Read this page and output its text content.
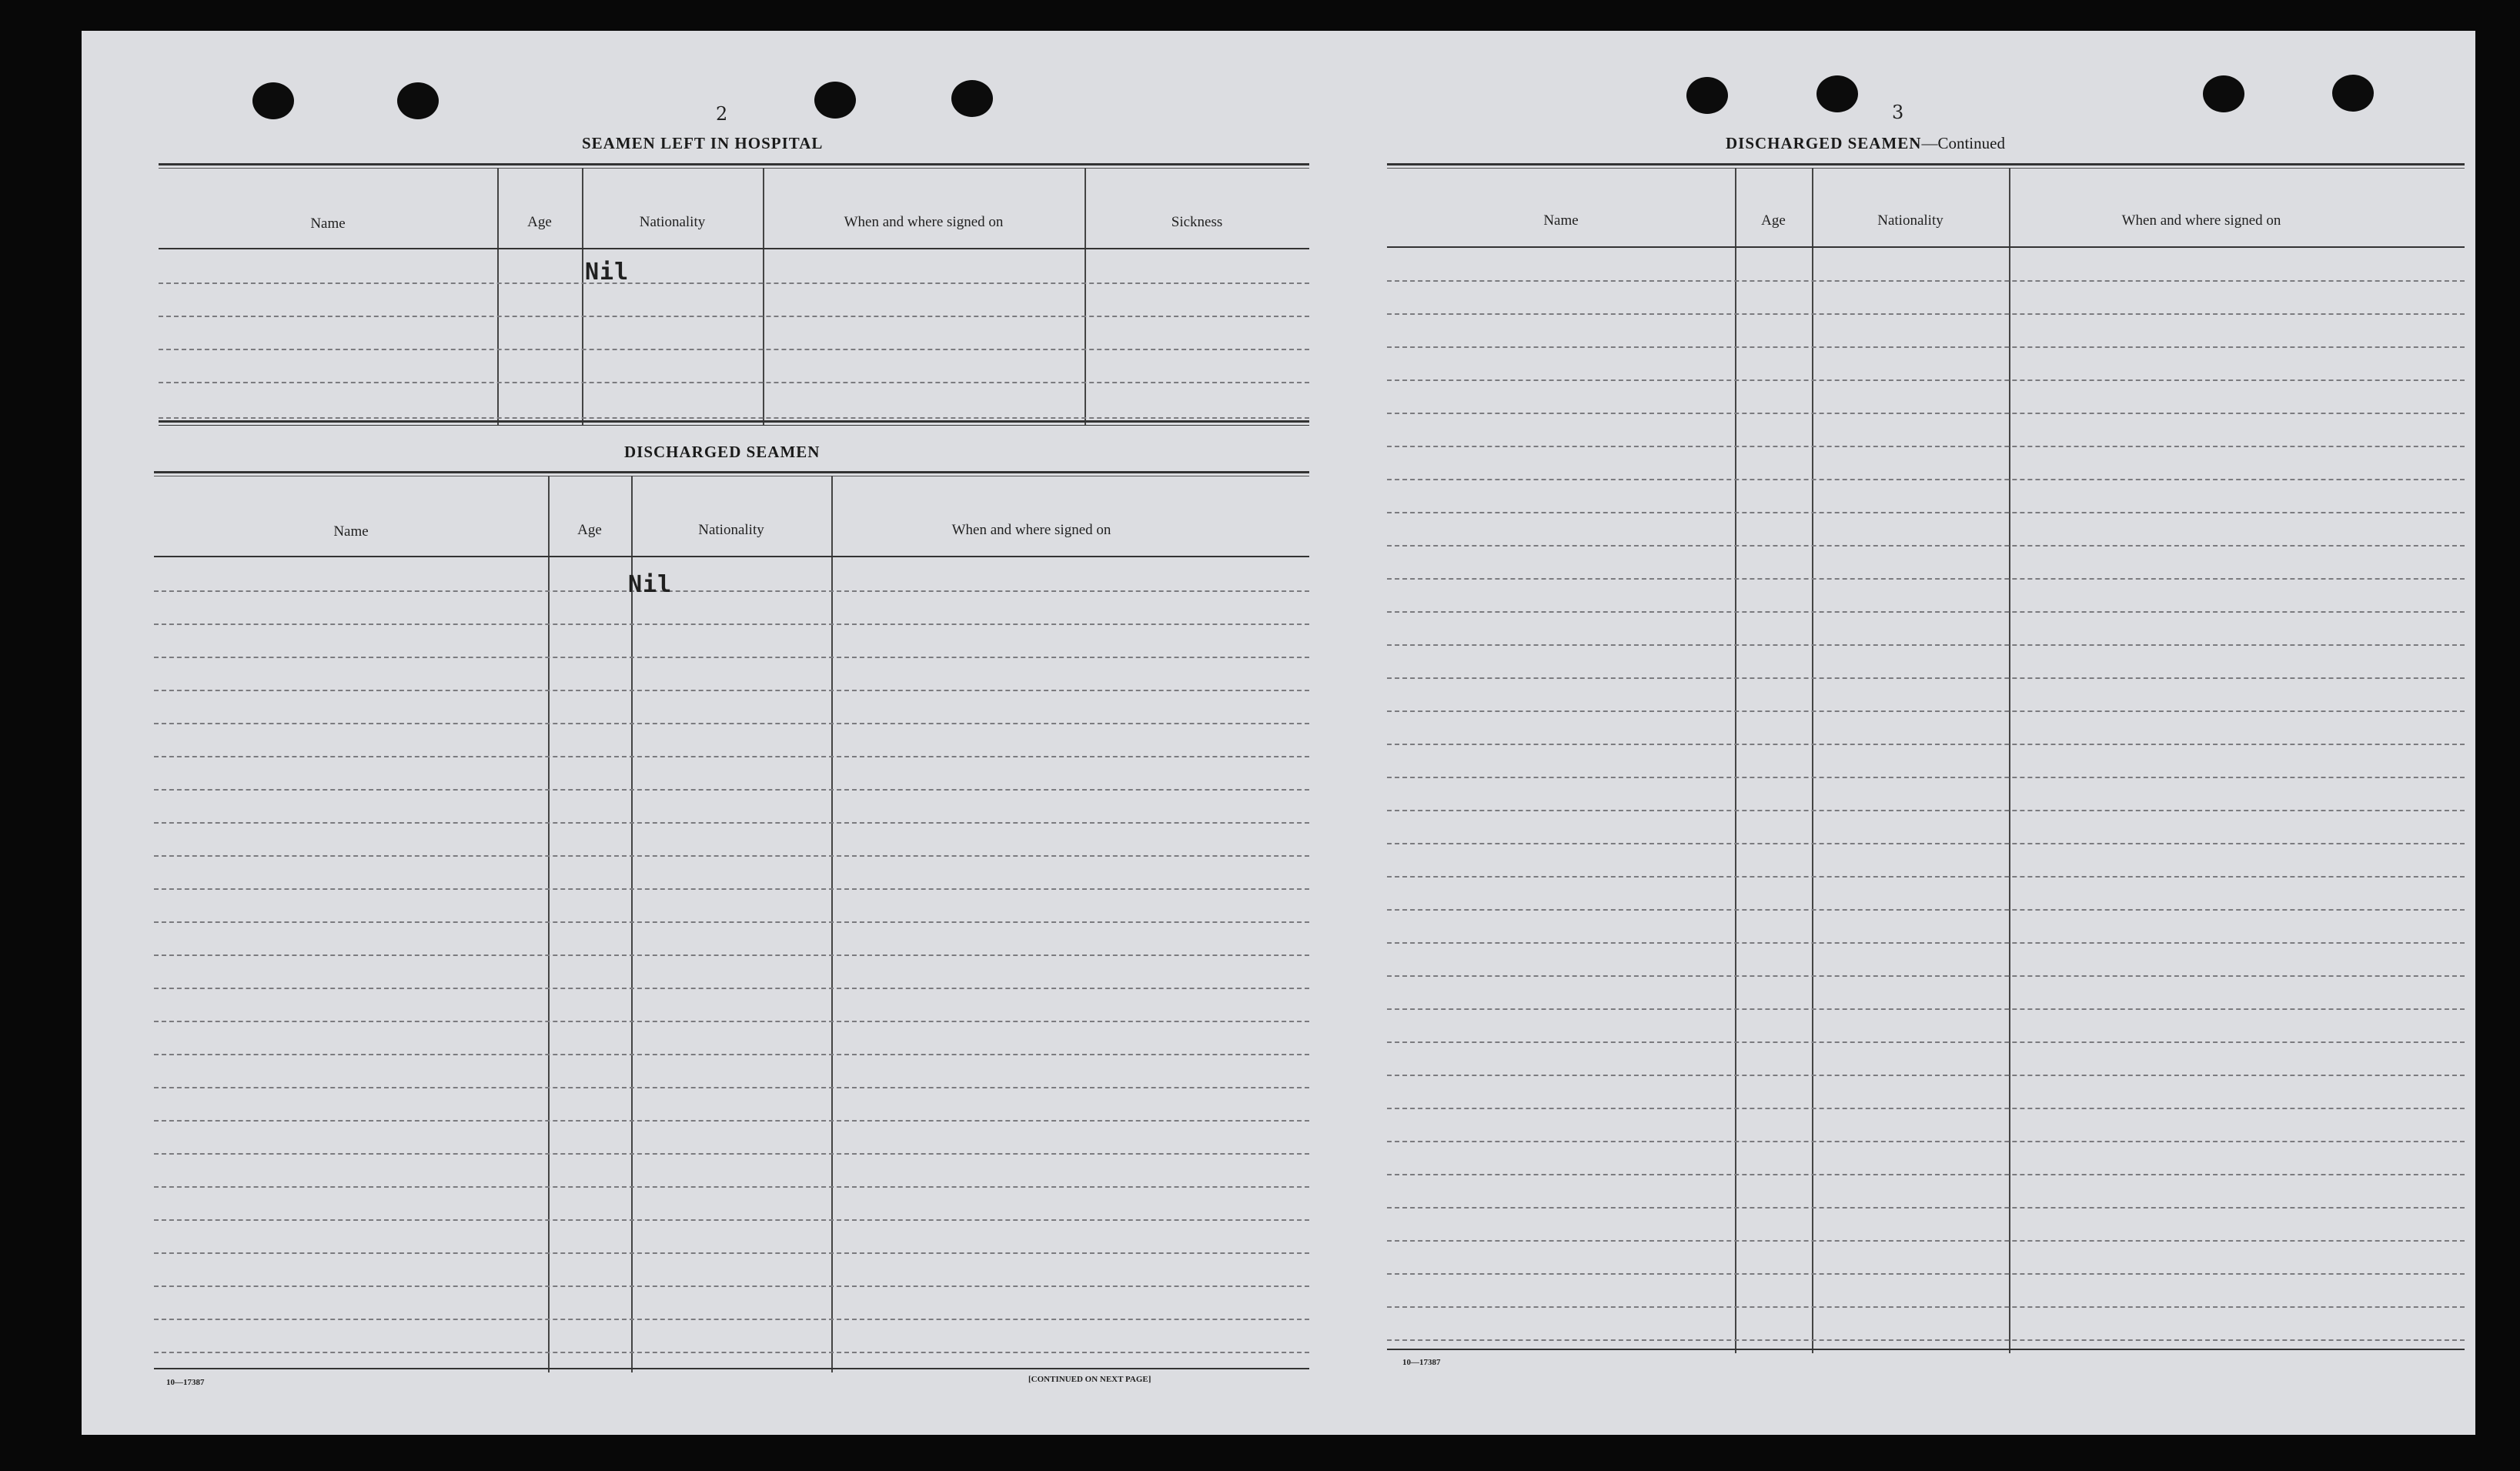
2
SEAMEN LEFT IN HOSPITAL
Name	Age	Nationality	When and where signed on	Sickness
Nil
DISCHARGED SEAMEN
Name	Age	Nationality	When and where signed on
Nil
10—17387	[CONTINUED ON NEXT PAGE]
3
DISCHARGED SEAMEN—Continued
Name	Age	Nationality	When and where signed on
10—17387
